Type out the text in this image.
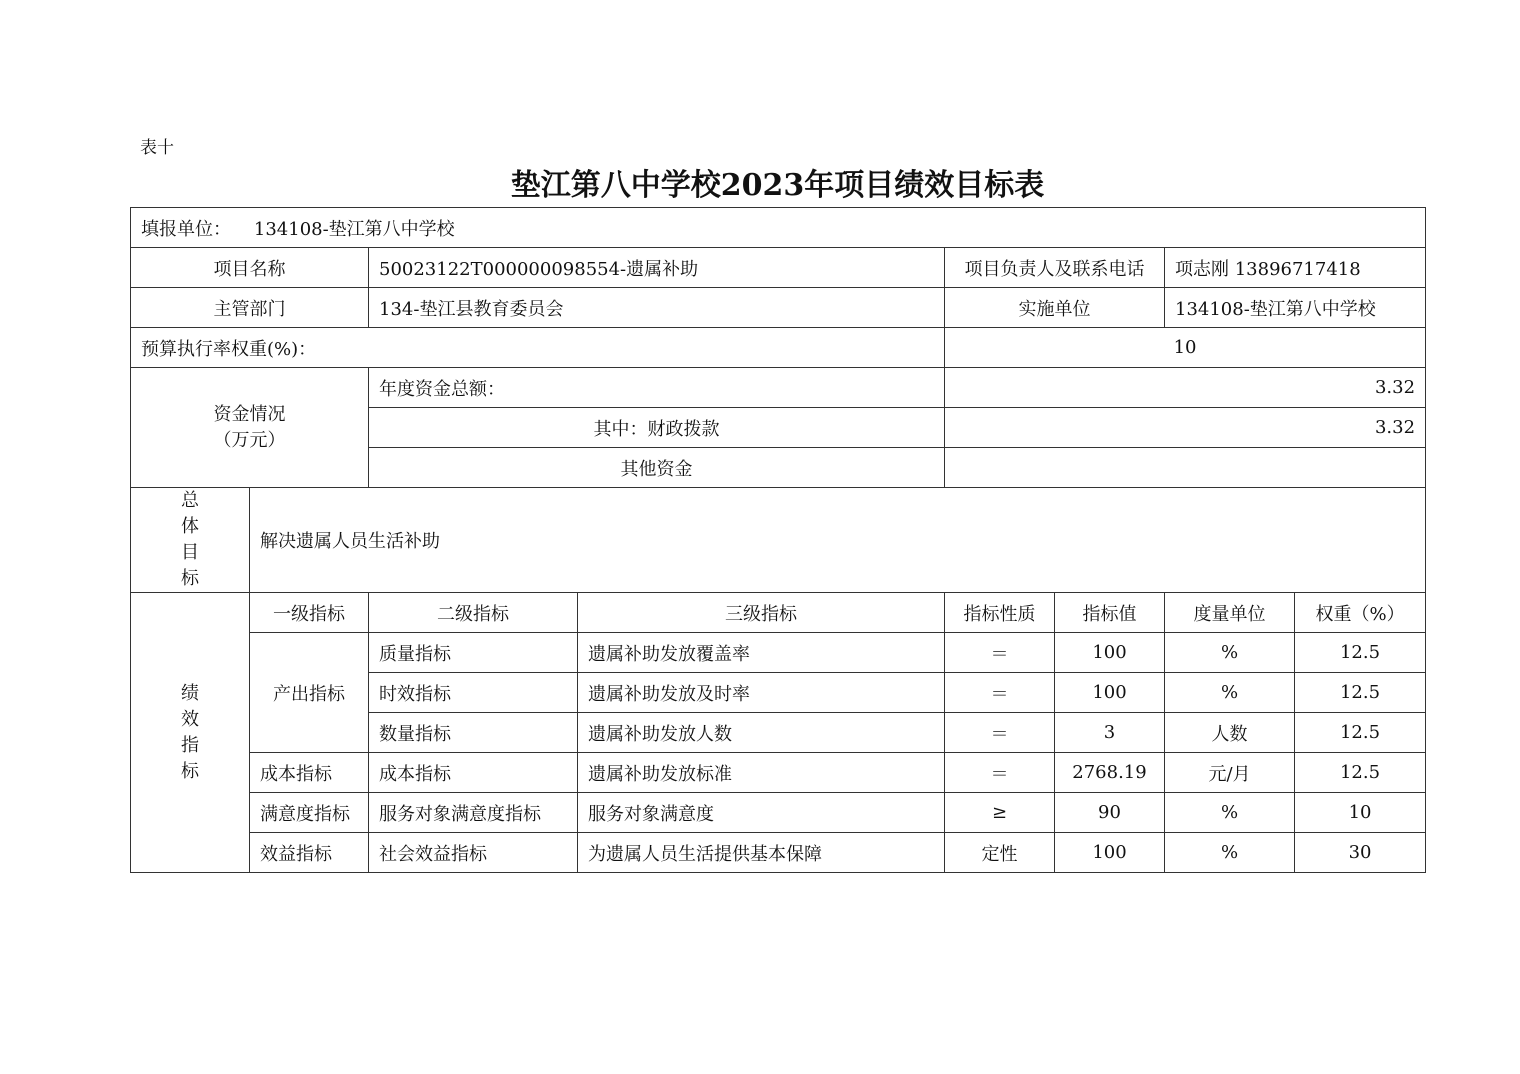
表十
垫江第八中学校2023年项目绩效目标表
填报单位： 134108-垫江第八中学校							
项目名称		50023122T000000098554-遗属补助		项目负责人及联系电话		项志刚 13896717418	
主管部门		134-垫江县教育委员会		实施单位		134108-垫江第八中学校	
预算执行率权重(%)：				10			

资金情况
（万元）		年度资金总额：		3.32			
		其中：财政拨款		3.32			
		其他资金					

总
体
目
标	解决遗属人员生活补助						

绩
效
指
标	一级指标	二级指标	三级指标	指标性质	指标值	度量单位	权重（%）
	产出指标	质量指标	遗属补助发放覆盖率	＝	100	%	12.5
		时效指标	遗属补助发放及时率	＝	100	%	12.5
		数量指标	遗属补助发放人数	＝	3	人数	12.5
	成本指标	成本指标	遗属补助发放标准	＝	2768.19	元/月	12.5
	满意度指标	服务对象满意度指标	服务对象满意度	≥	90	%	10
	效益指标	社会效益指标	为遗属人员生活提供基本保障	定性	100	%	30
